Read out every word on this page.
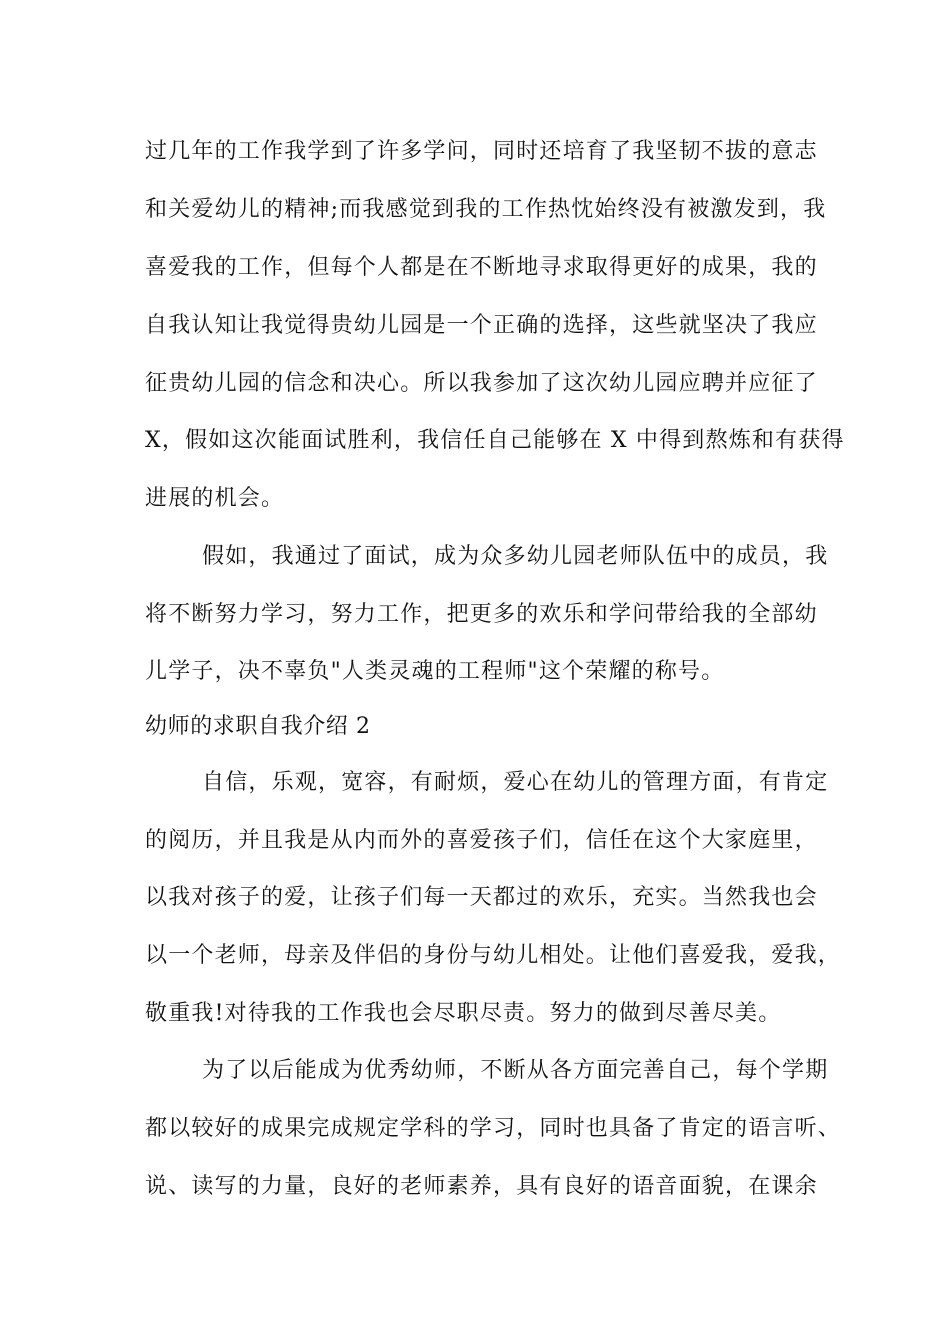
过几年的工作我学到了许多学问，同时还培育了我坚韧不拔的意志
和关爱幼儿的精神;而我感觉到我的工作热忱始终没有被激发到，我
喜爱我的工作，但每个人都是在不断地寻求取得更好的成果，我的
自我认知让我觉得贵幼儿园是一个正确的选择，这些就坚决了我应
征贵幼儿园的信念和决心。所以我参加了这次幼儿园应聘并应征了
X，假如这次能面试胜利，我信任自己能够在 X 中得到熬炼和有获得
进展的机会。
假如，我通过了面试，成为众多幼儿园老师队伍中的成员，我
将不断努力学习，努力工作，把更多的欢乐和学问带给我的全部幼
儿学子，决不辜负"人类灵魂的工程师"这个荣耀的称号。
幼师的求职自我介绍 2
自信，乐观，宽容，有耐烦，爱心在幼儿的管理方面，有肯定
的阅历，并且我是从内而外的喜爱孩子们，信任在这个大家庭里，
以我对孩子的爱，让孩子们每一天都过的欢乐，充实。当然我也会
以一个老师，母亲及伴侣的身份与幼儿相处。让他们喜爱我，爱我，
敬重我!对待我的工作我也会尽职尽责。努力的做到尽善尽美。
为了以后能成为优秀幼师，不断从各方面完善自己，每个学期
都以较好的成果完成规定学科的学习，同时也具备了肯定的语言听、
说、读写的力量，良好的老师素养，具有良好的语音面貌，在课余
